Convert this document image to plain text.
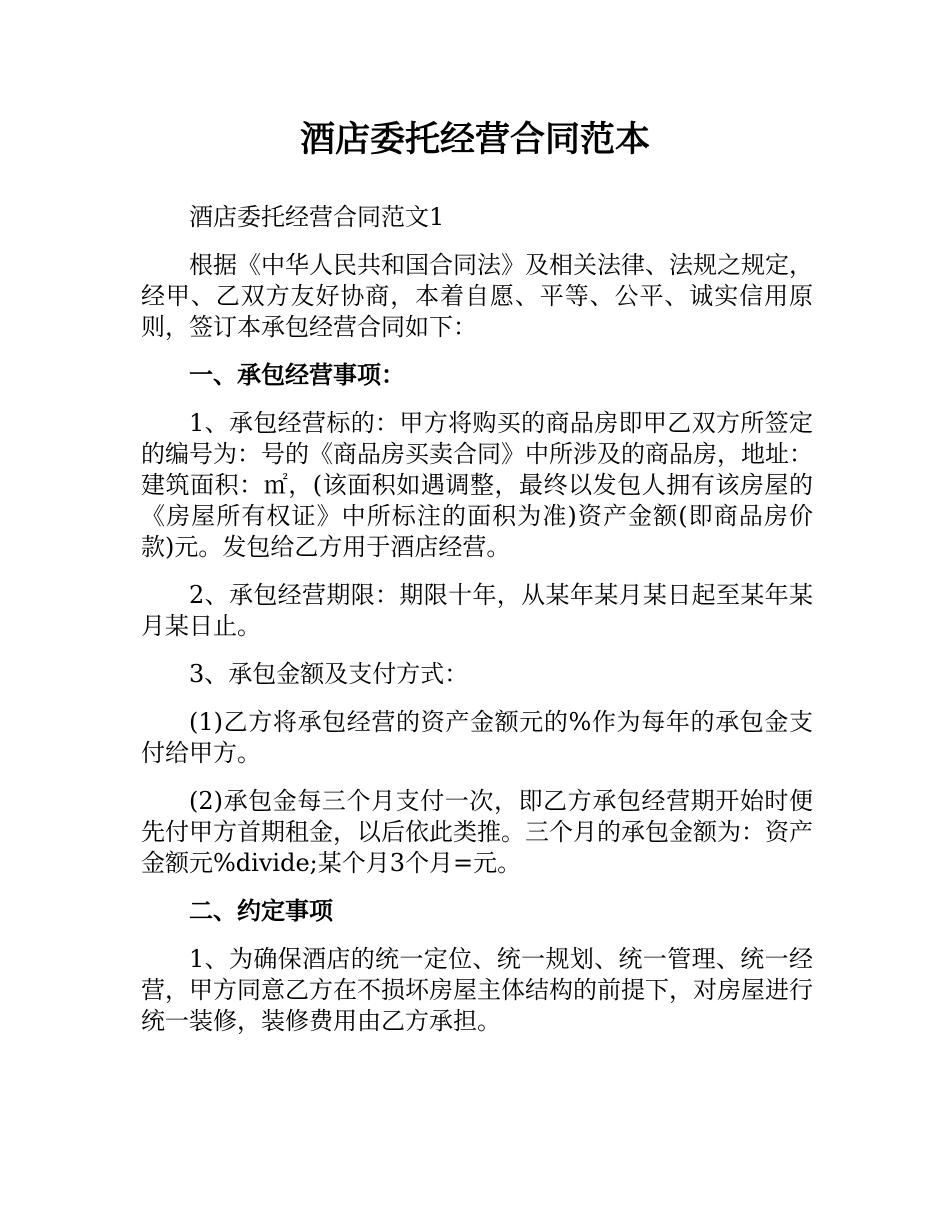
酒店委托经营合同范本

酒店委托经营合同范文1

根据《中华人民共和国合同法》及相关法律、法规之规定，经甲、乙双方友好协商，本着自愿、平等、公平、诚实信用原则，签订本承包经营合同如下：

一、承包经营事项：

1、承包经营标的：甲方将购买的商品房即甲乙双方所签定的编号为：号的《商品房买卖合同》中所涉及的商品房，地址：建筑面积：㎡，(该面积如遇调整，最终以发包人拥有该房屋的《房屋所有权证》中所标注的面积为准)资产金额(即商品房价款)元。发包给乙方用于酒店经营。

2、承包经营期限：期限十年，从某年某月某日起至某年某月某日止。

3、承包金额及支付方式：

(1)乙方将承包经营的资产金额元的%作为每年的承包金支付给甲方。

(2)承包金每三个月支付一次，即乙方承包经营期开始时便先付甲方首期租金，以后依此类推。三个月的承包金额为：资产金额元%divide;某个月3个月=元。

二、约定事项

1、为确保酒店的统一定位、统一规划、统一管理、统一经营，甲方同意乙方在不损坏房屋主体结构的前提下，对房屋进行统一装修，装修费用由乙方承担。
